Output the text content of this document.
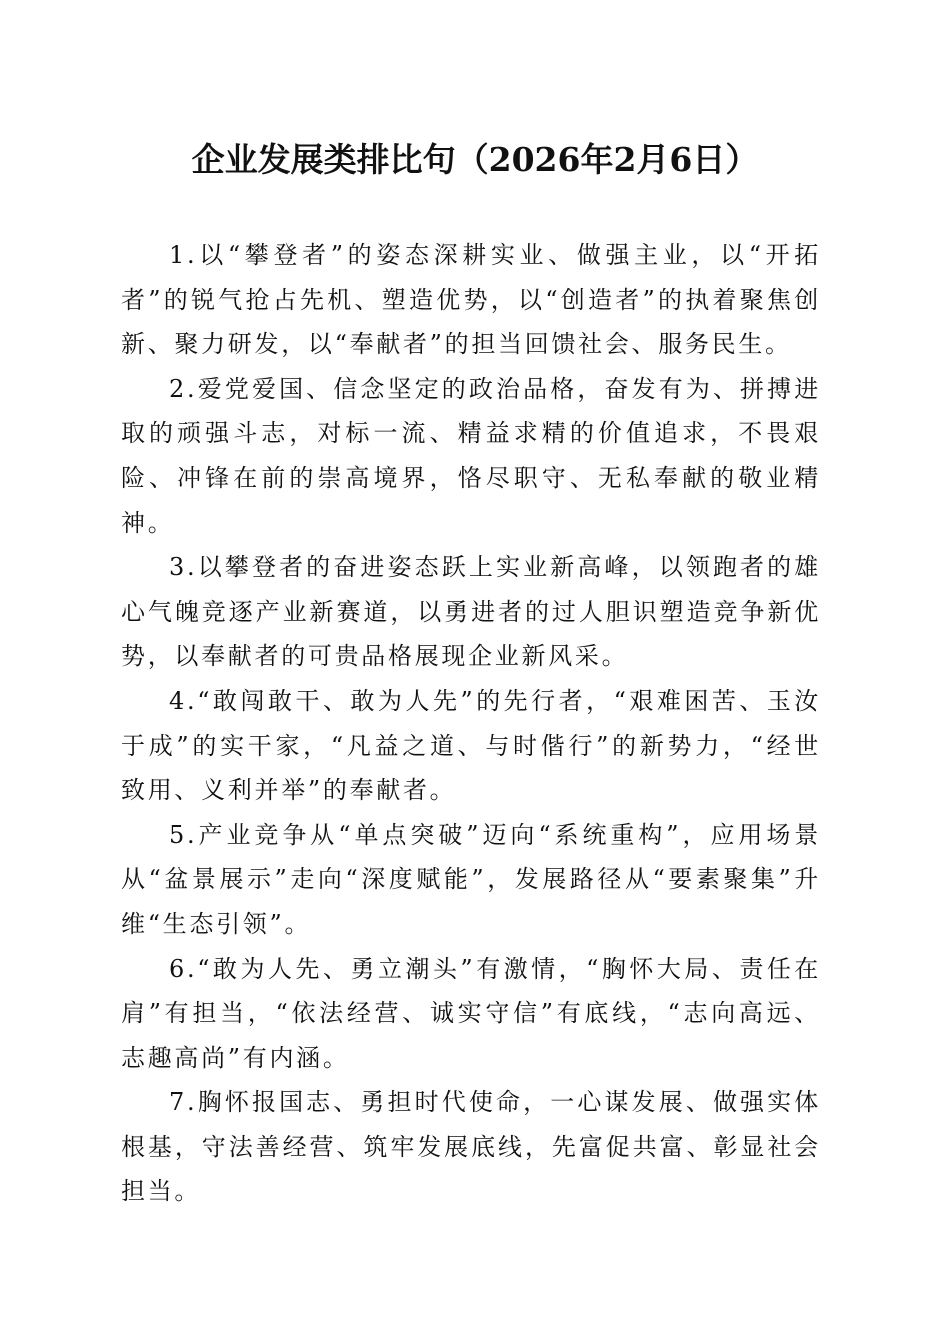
企业发展类排比句（2026年2月6日）

1.以“攀登者”的姿态深耕实业、做强主业，以“开拓者”的锐气抢占先机、塑造优势，以“创造者”的执着聚焦创新、聚力研发，以“奉献者”的担当回馈社会、服务民生。

2.爱党爱国、信念坚定的政治品格，奋发有为、拼搏进取的顽强斗志，对标一流、精益求精的价值追求，不畏艰险、冲锋在前的崇高境界，恪尽职守、无私奉献的敬业精神。

3.以攀登者的奋进姿态跃上实业新高峰，以领跑者的雄心气魄竞逐产业新赛道，以勇进者的过人胆识塑造竞争新优势，以奉献者的可贵品格展现企业新风采。

4.“敢闯敢干、敢为人先”的先行者，“艰难困苦、玉汝于成”的实干家，“凡益之道、与时偕行”的新势力，“经世致用、义利并举”的奉献者。

5.产业竞争从“单点突破”迈向“系统重构”，应用场景从“盆景展示”走向“深度赋能”，发展路径从“要素聚集”升维“生态引领”。

6.“敢为人先、勇立潮头”有激情，“胸怀大局、责任在肩”有担当，“依法经营、诚实守信”有底线，“志向高远、志趣高尚”有内涵。

7.胸怀报国志、勇担时代使命，一心谋发展、做强实体根基，守法善经营、筑牢发展底线，先富促共富、彰显社会担当。
